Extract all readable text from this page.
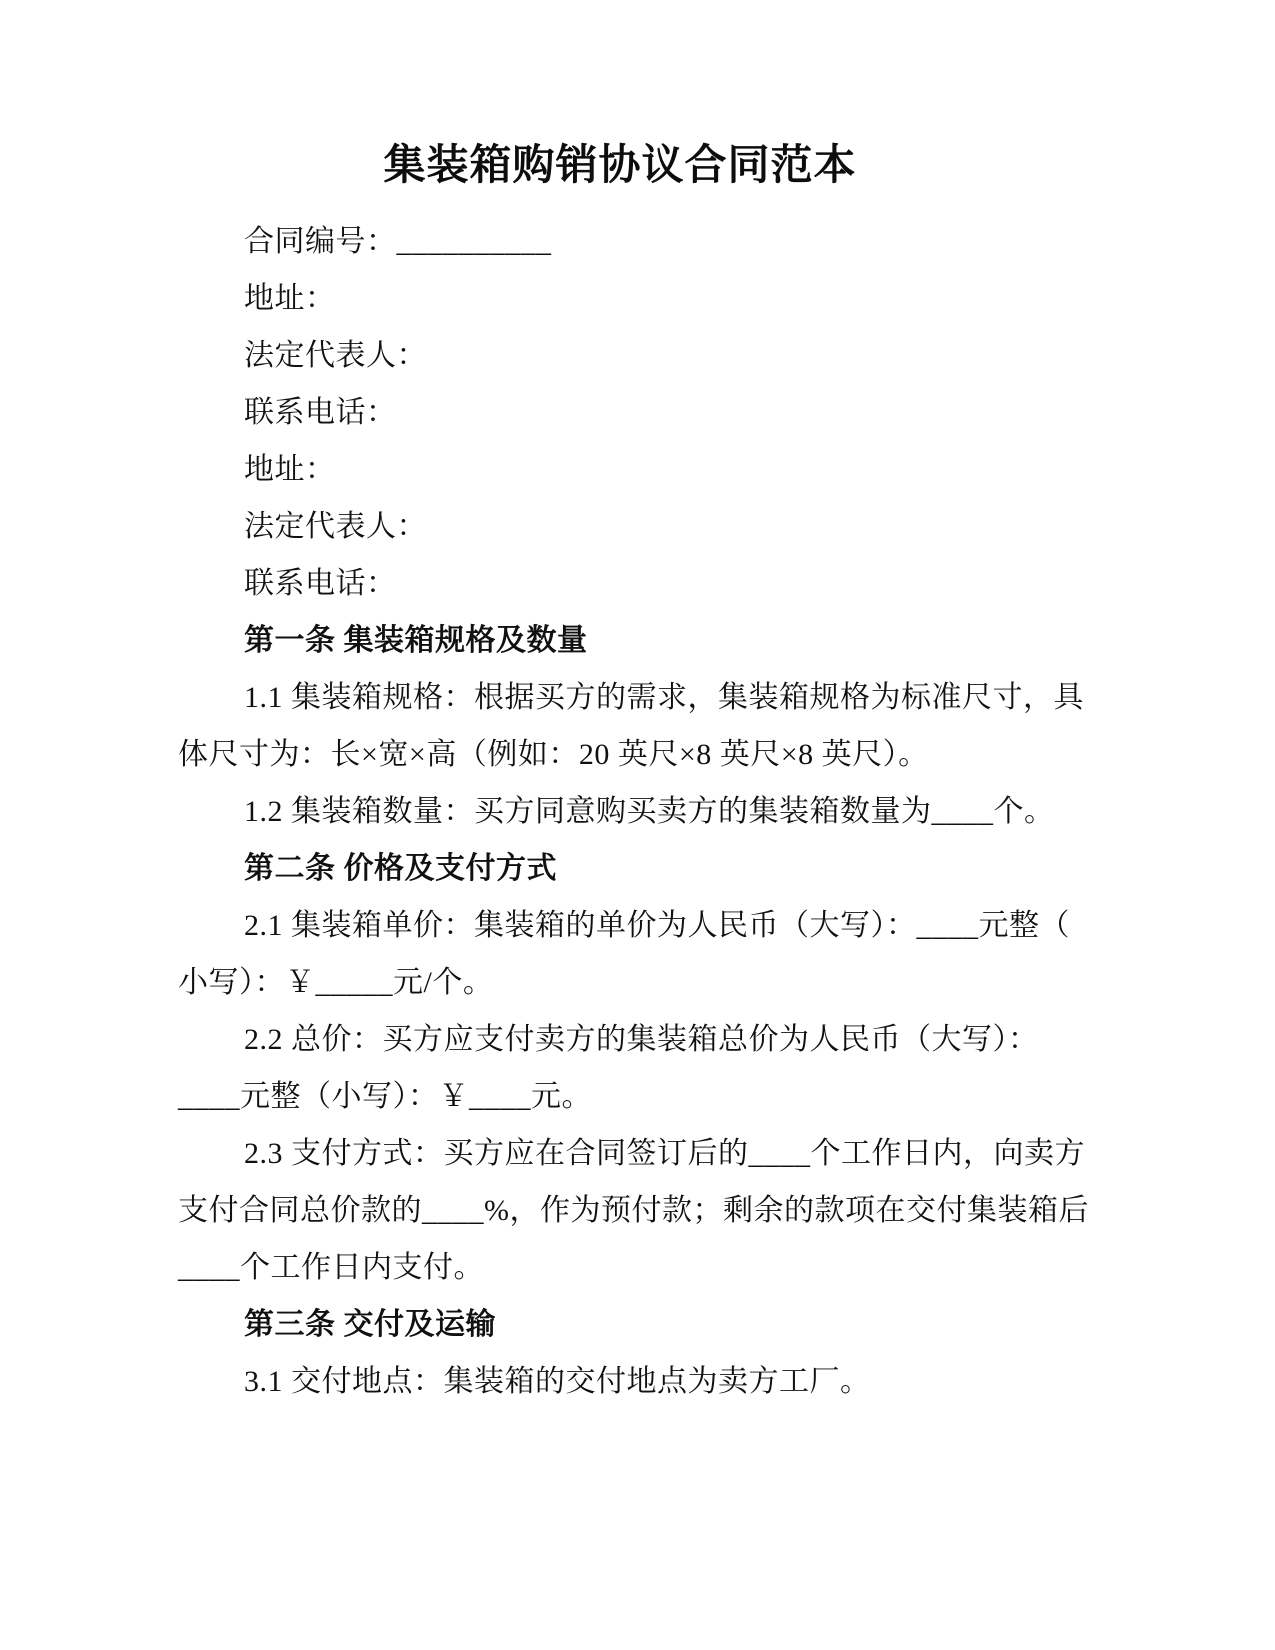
集装箱购销协议合同范本
合同编号：__________
地址：
法定代表人：
联系电话：
地址：
法定代表人：
联系电话：
第一条 集装箱规格及数量
1.1 集装箱规格：根据买方的需求，集装箱规格为标准尺寸，具
体尺寸为：长×宽×高（例如：20 英尺×8 英尺×8 英尺）。
1.2 集装箱数量：买方同意购买卖方的集装箱数量为____个。
第二条 价格及支付方式
2.1 集装箱单价：集装箱的单价为人民币（大写）：____元整（
小写）：￥_____元/个。
2.2 总价：买方应支付卖方的集装箱总价为人民币（大写）：
____元整（小写）：￥____元。
2.3 支付方式：买方应在合同签订后的____个工作日内，向卖方
支付合同总价款的____%，作为预付款；剩余的款项在交付集装箱后
____个工作日内支付。
第三条 交付及运输
3.1 交付地点：集装箱的交付地点为卖方工厂。
